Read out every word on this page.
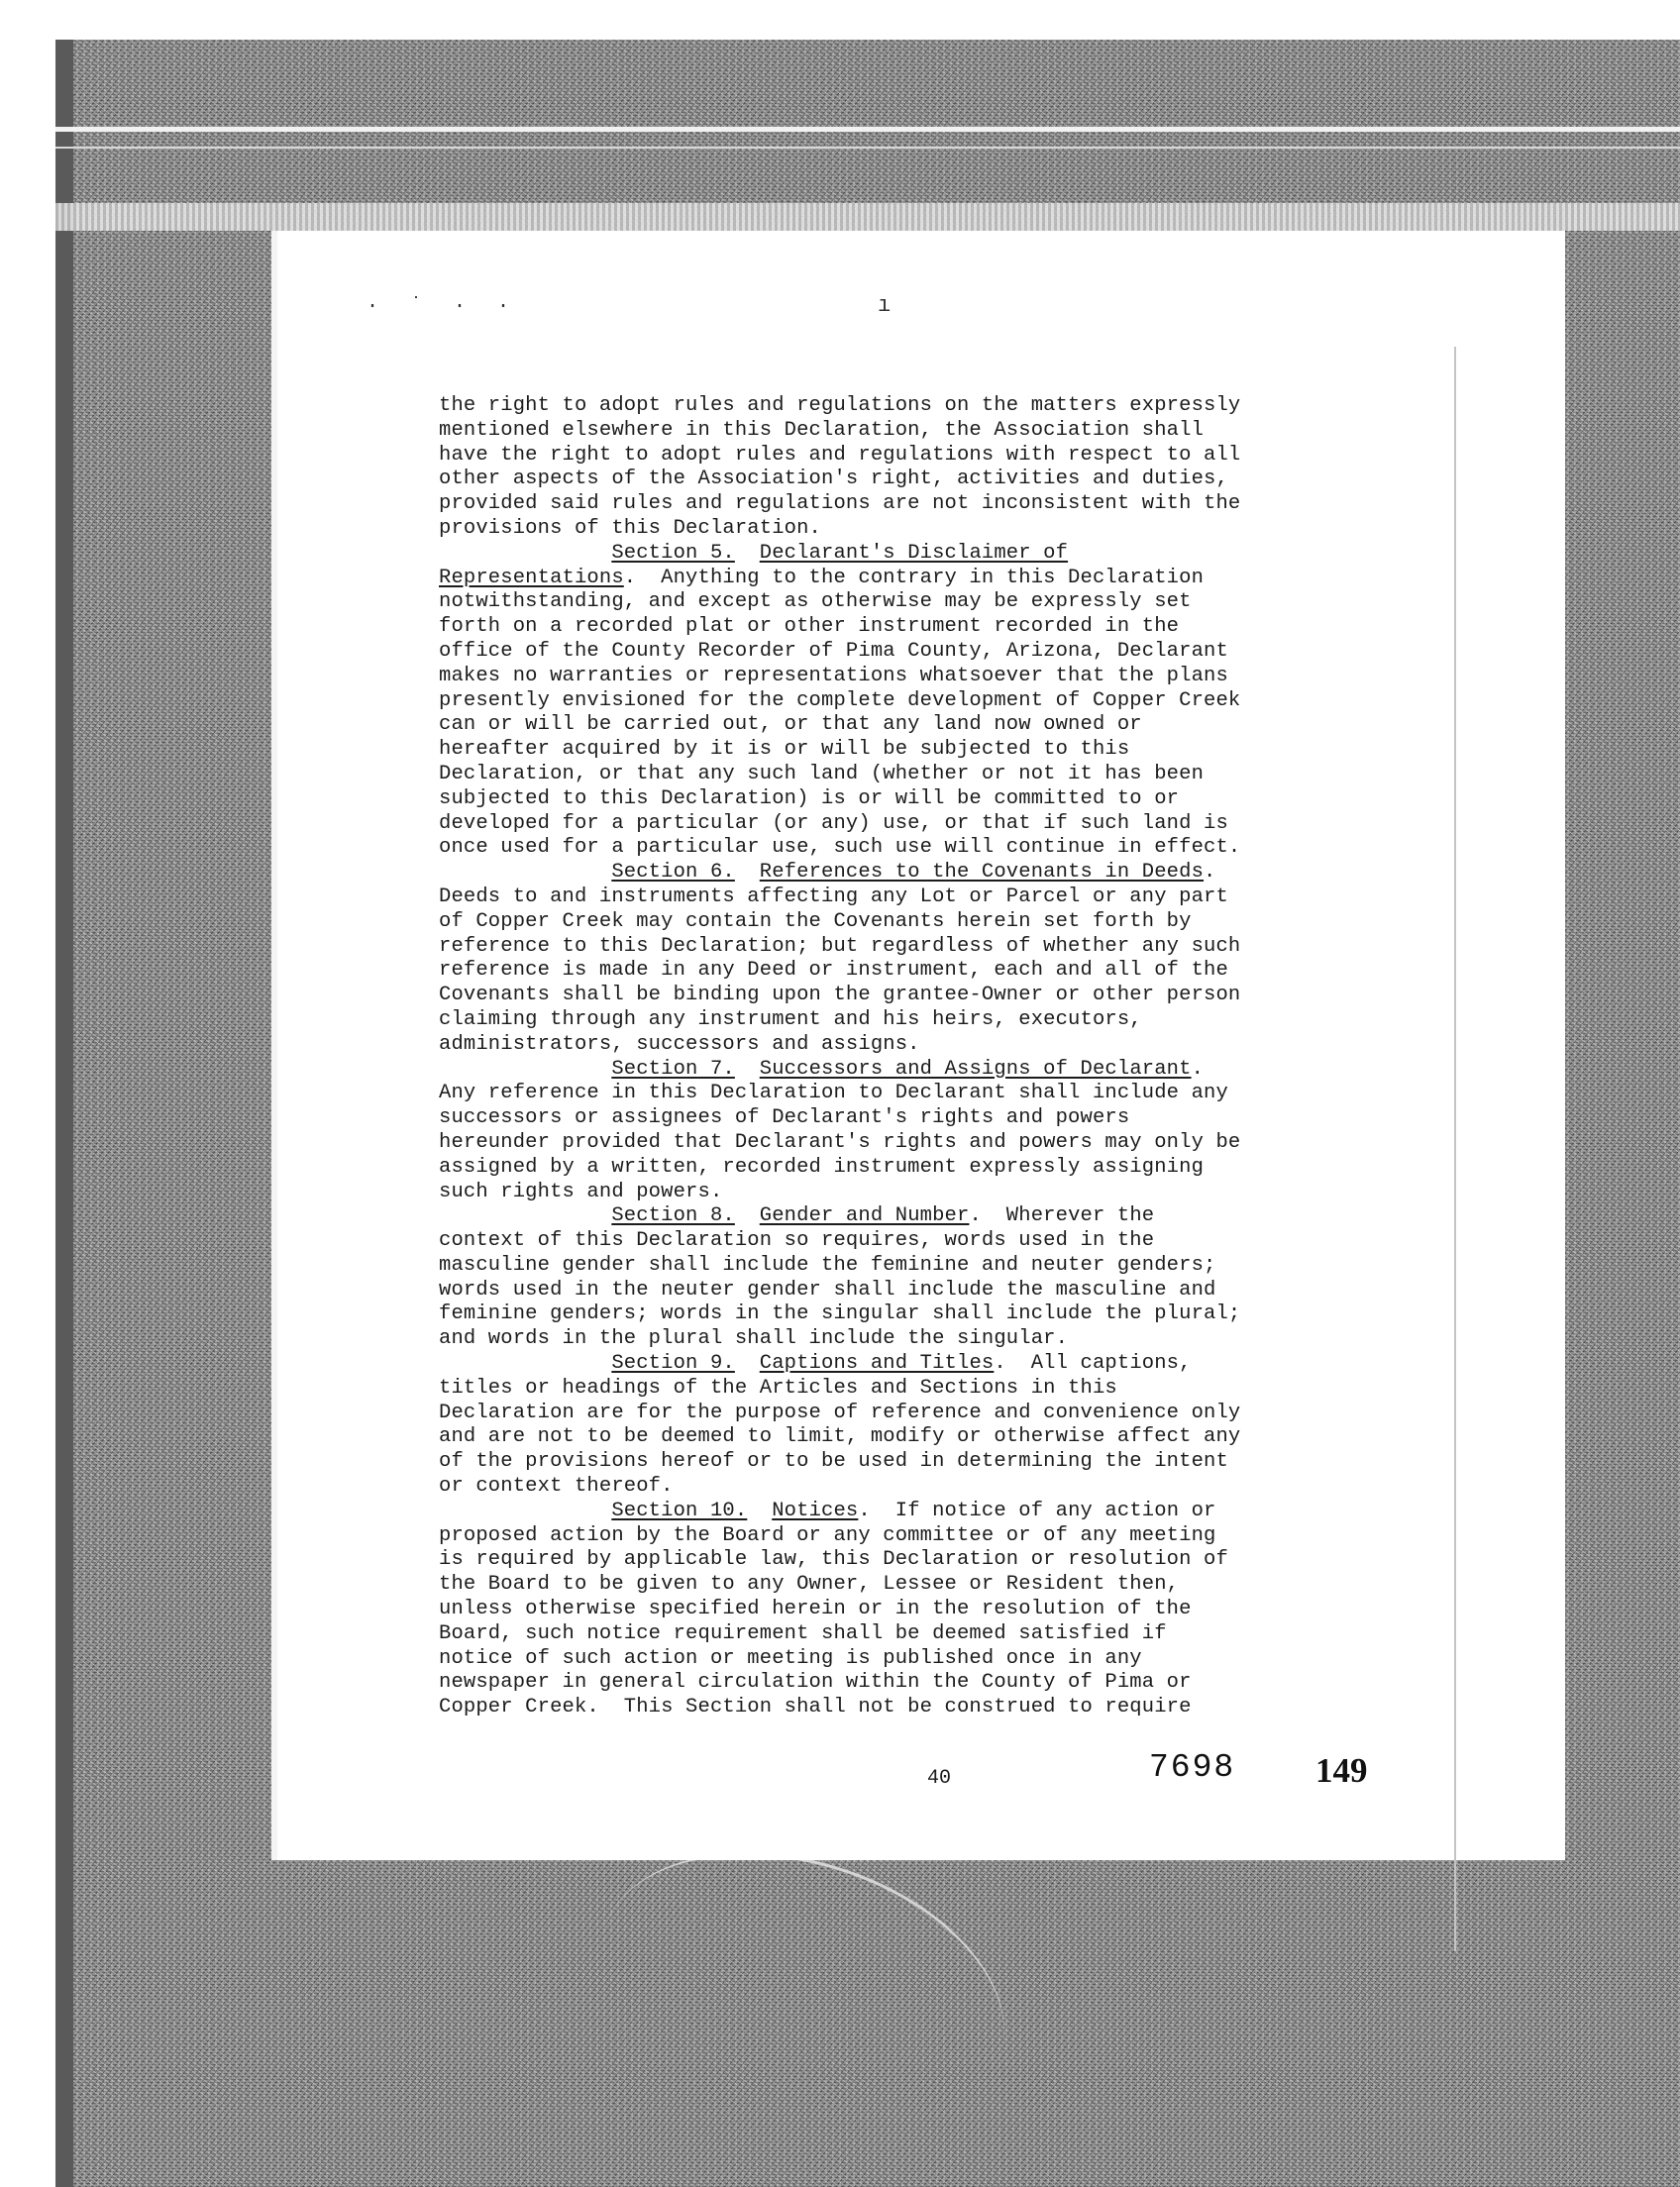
· ˙ · ·	ı
the right to adopt rules and regulations on the matters expressly
mentioned elsewhere in this Declaration, the Association shall
have the right to adopt rules and regulations with respect to all
other aspects of the Association's right, activities and duties,
provided said rules and regulations are not inconsistent with the
provisions of this Declaration.
Section 5. Declarant's Disclaimer of
Representations.  Anything to the contrary in this Declaration
notwithstanding, and except as otherwise may be expressly set
forth on a recorded plat or other instrument recorded in the
office of the County Recorder of Pima County, Arizona, Declarant
makes no warranties or representations whatsoever that the plans
presently envisioned for the complete development of Copper Creek
can or will be carried out, or that any land now owned or
hereafter acquired by it is or will be subjected to this
Declaration, or that any such land (whether or not it has been
subjected to this Declaration) is or will be committed to or
developed for a particular (or any) use, or that if such land is
once used for a particular use, such use will continue in effect.
Section 6. References to the Covenants in Deeds.
Deeds to and instruments affecting any Lot or Parcel or any part
of Copper Creek may contain the Covenants herein set forth by
reference to this Declaration; but regardless of whether any such
reference is made in any Deed or instrument, each and all of the
Covenants shall be binding upon the grantee-Owner or other person
claiming through any instrument and his heirs, executors,
administrators, successors and assigns.
Section 7. Successors and Assigns of Declarant.
Any reference in this Declaration to Declarant shall include any
successors or assignees of Declarant's rights and powers
hereunder provided that Declarant's rights and powers may only be
assigned by a written, recorded instrument expressly assigning
such rights and powers.
Section 8. Gender and Number.  Wherever the
context of this Declaration so requires, words used in the
masculine gender shall include the feminine and neuter genders;
words used in the neuter gender shall include the masculine and
feminine genders; words in the singular shall include the plural;
and words in the plural shall include the singular.
Section 9. Captions and Titles.  All captions,
titles or headings of the Articles and Sections in this
Declaration are for the purpose of reference and convenience only
and are not to be deemed to limit, modify or otherwise affect any
of the provisions hereof or to be used in determining the intent
or context thereof.
Section 10. Notices.  If notice of any action or
proposed action by the Board or any committee or of any meeting
is required by applicable law, this Declaration or resolution of
the Board to be given to any Owner, Lessee or Resident then,
unless otherwise specified herein or in the resolution of the
Board, such notice requirement shall be deemed satisfied if
notice of such action or meeting is published once in any
newspaper in general circulation within the County of Pima or
Copper Creek.  This Section shall not be construed to require
40	7698 149
